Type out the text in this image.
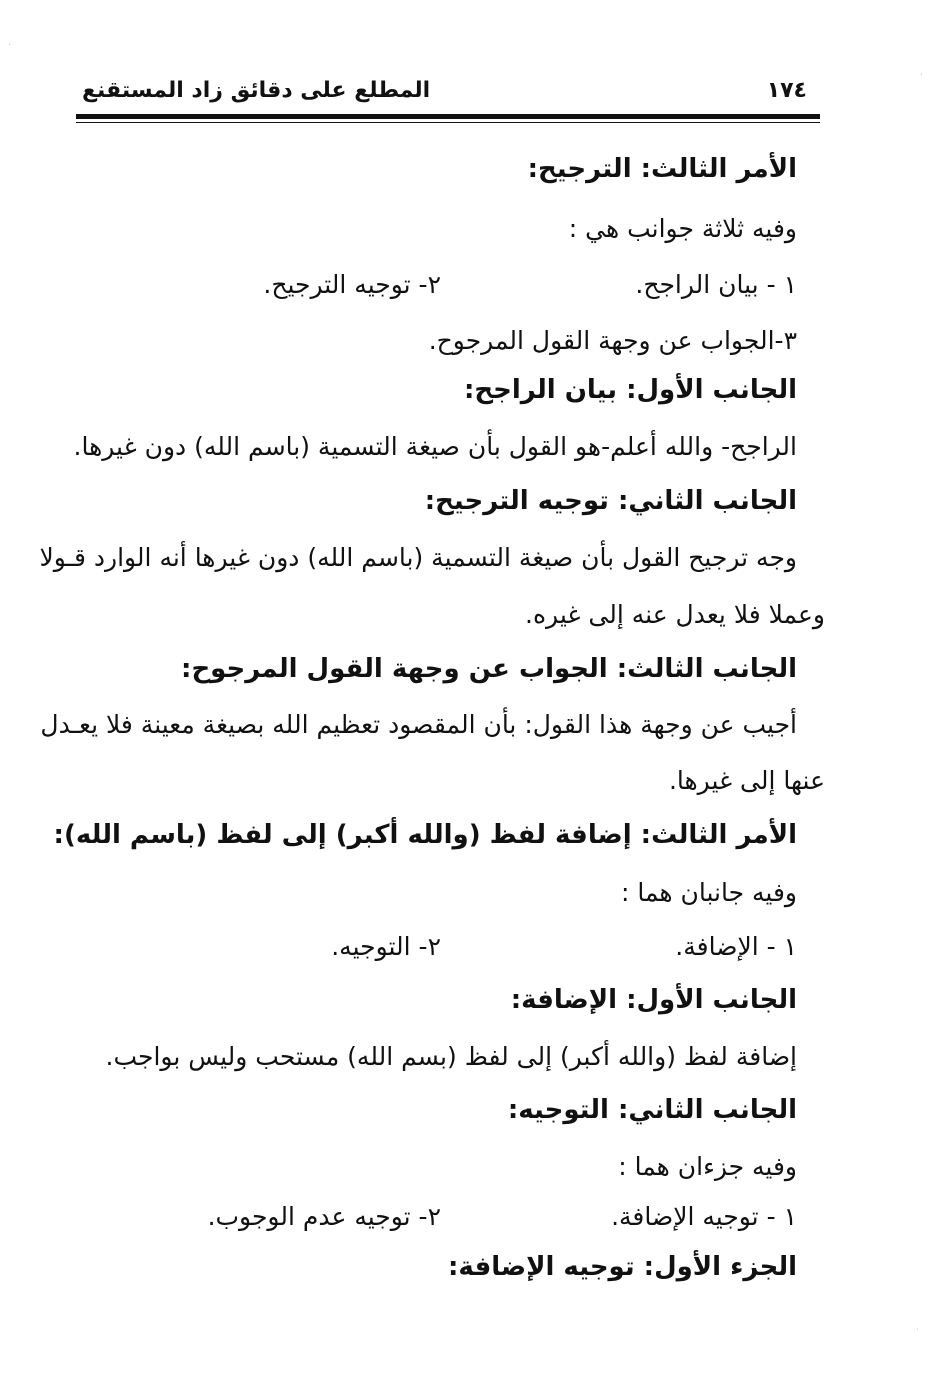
١٧٤
المطلع على دقائق زاد المستقنع
الأمر الثالث: الترجيح:
وفيه ثلاثة جوانب هي :
١ - بيان الراجح.
٢- توجيه الترجيح.
٣-الجواب عن وجهة القول المرجوح.
الجانب الأول: بيان الراجح:
الراجح- والله أعلم-هو القول بأن صيغة التسمية (باسم الله) دون غيرها.
الجانب الثاني: توجيه الترجيح:
وجه ترجيح القول بأن صيغة التسمية (باسم الله) دون غيرها أنه الوارد قـولا
وعملا فلا يعدل عنه إلى غيره.
الجانب الثالث: الجواب عن وجهة القول المرجوح:
أجيب عن وجهة هذا القول: بأن المقصود تعظيم الله بصيغة معينة فلا يعـدل
عنها إلى غيرها.
الأمر الثالث: إضافة لفظ (والله أكبر) إلى لفظ (باسم الله):
وفيه جانبان هما :
١ - الإضافة.
٢- التوجيه.
الجانب الأول: الإضافة:
إضافة لفظ (والله أكبر) إلى لفظ (بسم الله) مستحب وليس بواجب.
الجانب الثاني: التوجيه:
وفيه جزءان هما :
١ - توجيه الإضافة.
٢- توجيه عدم الوجوب.
الجزء الأول: توجيه الإضافة:
·
·
·
